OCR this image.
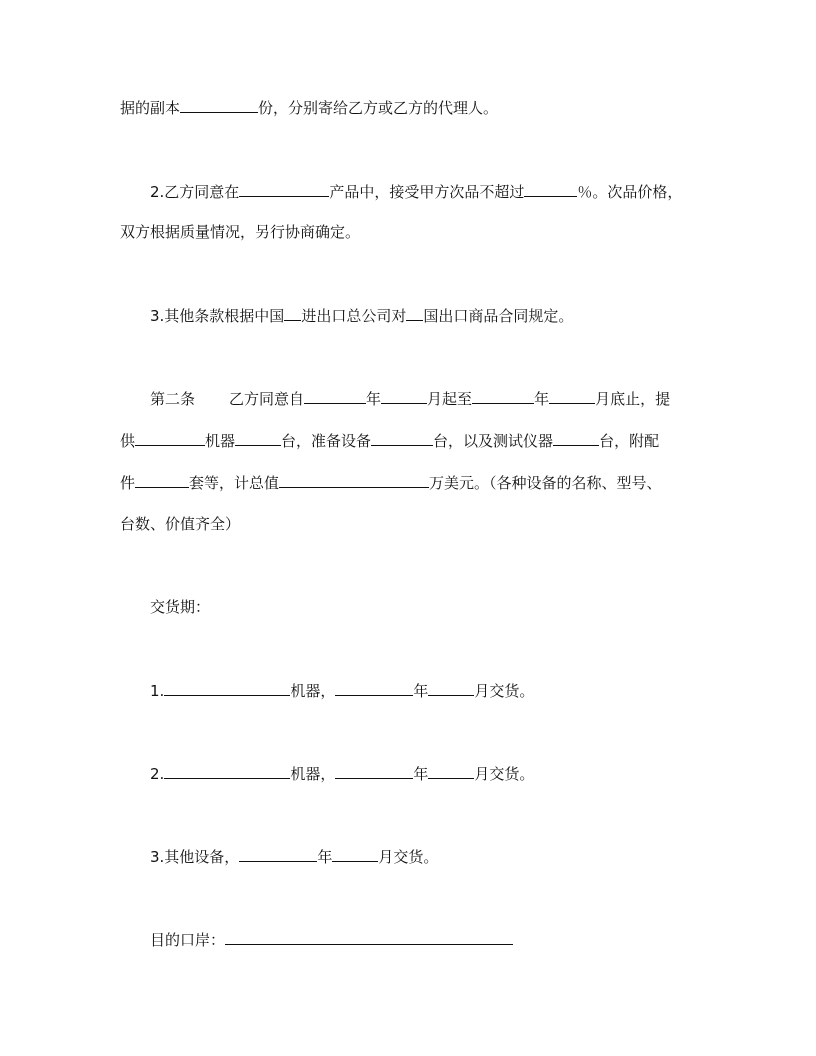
据的副本	份，分别寄给乙方或乙方的代理人。
2.乙方同意在	产品中，接受甲方次品不超过	％。次品价格，
双方根据质量情况，另行协商确定。
3.其他条款根据中国 进出口总公司对 国出口商品合同规定。
第二条 乙方同意自	年	月起至	年	月底止，提
供	机器	台，准备设备	台，以及测试仪器	台，附配
件	套等，计总值	万美元。（各种设备的名称、型号、
台数、价值齐全）
交货期：
1.	机器，	年	月交货。
2.	机器，	年	月交货。
3.其他设备，	年	月交货。
目的口岸：
